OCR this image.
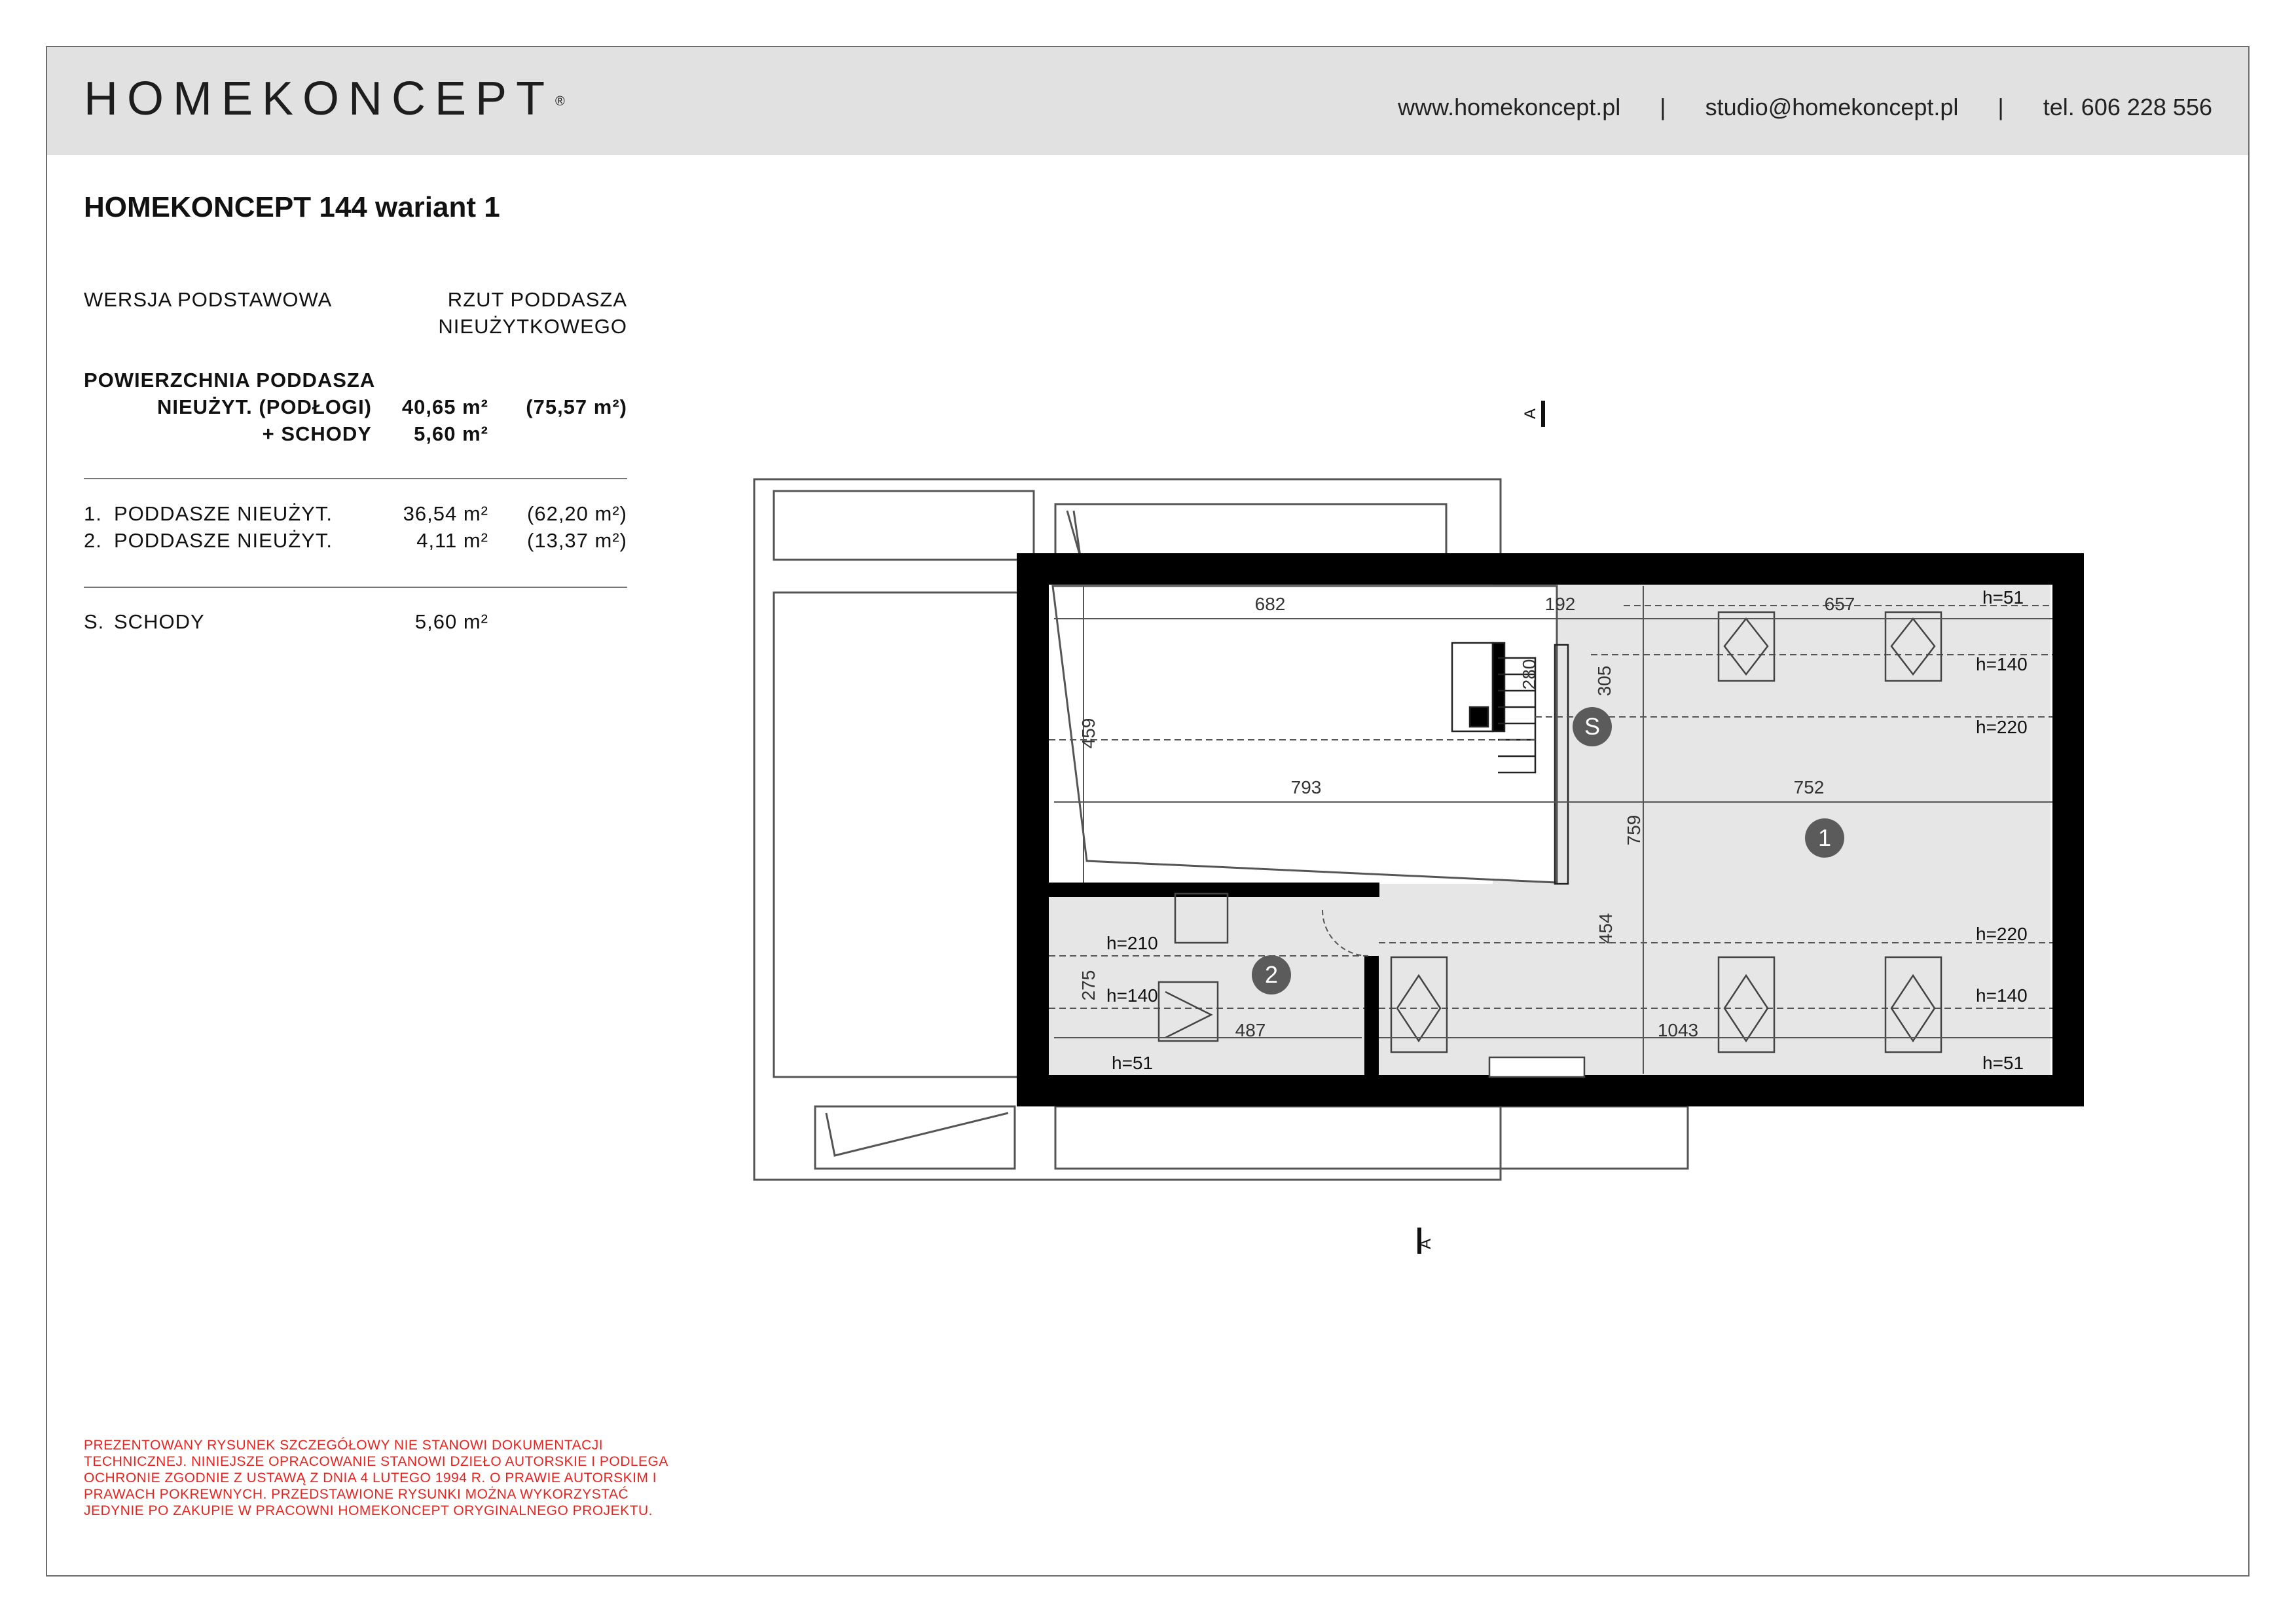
HOMEKONCEPT ®	www.homekoncept.pl | studio@homekoncept.pl | tel. 606 228 556
HOMEKONCEPT 144 wariant 1
WERSJA PODSTAWOWA	RZUT PODDASZA
NIEUŻYTKOWEGO
POWIERZCHNIA PODDASZA
NIEUŻYT. (PODŁOGI)	40,65 m²	(75,57 m²)
+ SCHODY	5,60 m²
1. PODDASZE NIEUŻYT.	36,54 m²	(62,20 m²)
2. PODDASZE NIEUŻYT.	4,11 m²	(13,37 m²)
S. SCHODY	5,60 m²
PREZENTOWANY RYSUNEK SZCZEGÓŁOWY NIE STANOWI DOKUMENTACJI TECHNICZNEJ. NINIEJSZE OPRACOWANIE STANOWI DZIEŁO AUTORSKIE I PODLEGA OCHRONIE ZGODNIE Z USTAWĄ Z DNIA 4 LUTEGO 1994 R. O PRAWIE AUTORSKIM I PRAWACH POKREWNYCH. PRZEDSTAWIONE RYSUNKI MOŻNA WYKORZYSTAĆ JEDYNIE PO ZAKUPIE W PRACOWNI HOMEKONCEPT ORYGINALNEGO PROJEKTU.
A
A
682	192	657
280	305
459
793	752
759
454
275
487	1043
h=51
h=140
h=220
h=220
h=140
h=51
h=210
h=140
h=51
1
2
S
